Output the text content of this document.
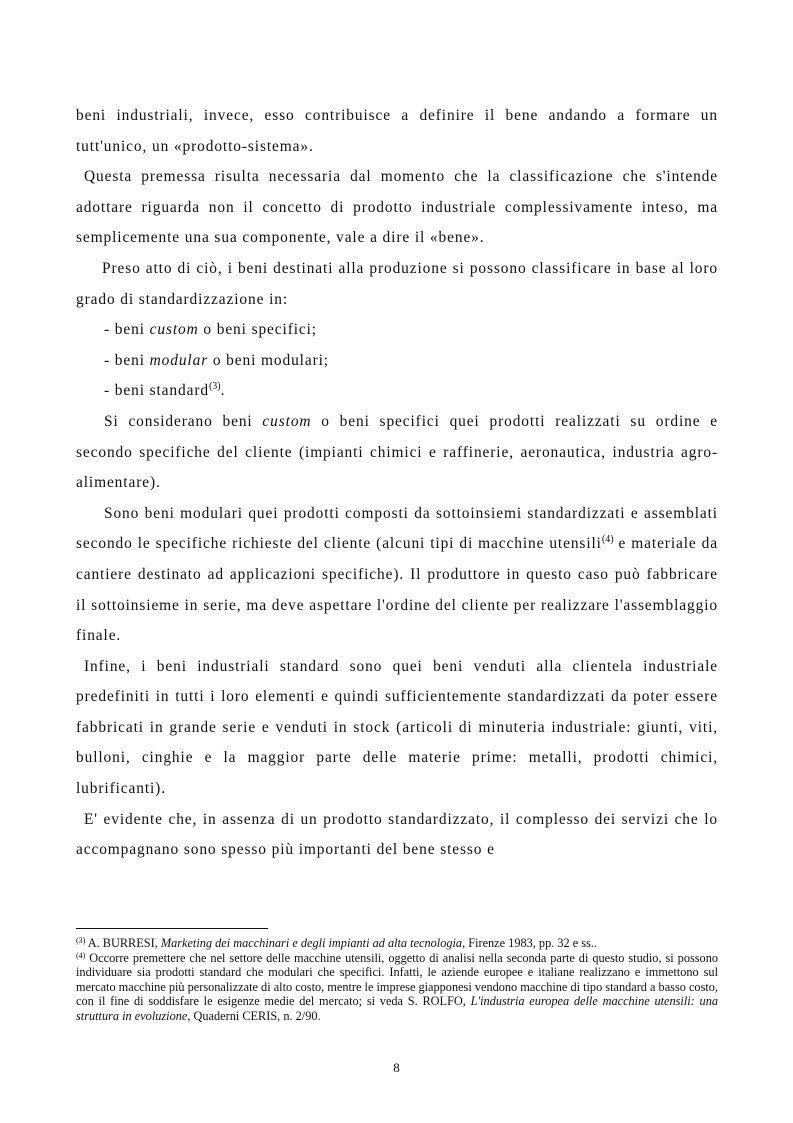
beni industriali, invece, esso contribuisce a definire il bene andando a formare un tutt'unico, un «prodotto-sistema».

Questa premessa risulta necessaria dal momento che la classificazione che s'intende adottare riguarda non il concetto di prodotto industriale complessivamente inteso, ma semplicemente una sua componente, vale a dire il «bene».

Preso atto di ciò, i beni destinati alla produzione si possono classificare in base al loro grado di standardizzazione in:

- beni custom o beni specifici;
- beni modular o beni modulari;
- beni standard$^{(3)}$.

Si considerano beni custom o beni specifici quei prodotti realizzati su ordine e secondo specifiche del cliente (impianti chimici e raffinerie, aeronautica, industria agro-alimentare).

Sono beni modulari quei prodotti composti da sottoinsiemi standardizzati e assemblati secondo le specifiche richieste del cliente (alcuni tipi di macchine utensili$^{(4)}$ e materiale da cantiere destinato ad applicazioni specifiche). Il produttore in questo caso può fabbricare il sottoinsieme in serie, ma deve aspettare l'ordine del cliente per realizzare l'assemblaggio finale.

Infine, i beni industriali standard sono quei beni venduti alla clientela industriale predefiniti in tutti i loro elementi e quindi sufficientemente standardizzati da poter essere fabbricati in grande serie e venduti in stock (articoli di minuteria industriale: giunti, viti, bulloni, cinghie e la maggior parte delle materie prime: metalli, prodotti chimici, lubrificanti).

E' evidente che, in assenza di un prodotto standardizzato, il complesso dei servizi che lo accompagnano sono spesso più importanti del bene stesso e

$^{(3)}$ A. BURRESI, Marketing dei macchinari e degli impianti ad alta tecnologia, Firenze 1983, pp. 32 e ss..

$^{(4)}$ Occorre premettere che nel settore delle macchine utensili, oggetto di analisi nella seconda parte di questo studio, si possono individuare sia prodotti standard che modulari che specifici. Infatti, le aziende europee e italiane realizzano e immettono sul mercato macchine più personalizzate di alto costo, mentre le imprese giapponesi vendono macchine di tipo standard a basso costo, con il fine di soddisfare le esigenze medie del mercato; si veda S. ROLFO, L'industria europea delle macchine utensili: una struttura in evoluzione, Quaderni CERIS, n. 2/90.

8
